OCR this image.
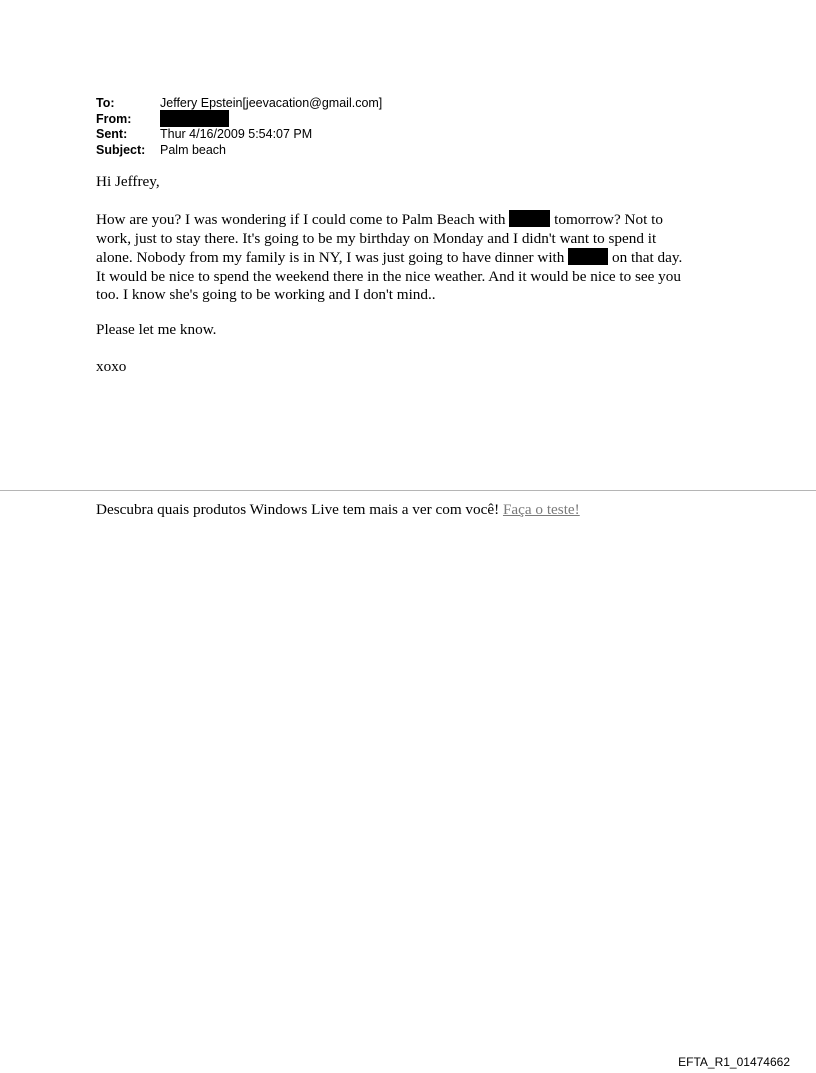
To:	Jeffery Epstein[jeevacation@gmail.com]
From:
Sent:	Thur 4/16/2009 5:54:07 PM
Subject:	Palm beach
Hi Jeffrey,
How are you? I was wondering if I could come to Palm Beach with	tomorrow? Not to
work, just to stay there. It's going to be my birthday on Monday and I didn't want to spend it
alone. Nobody from my family is in NY, I was just going to have dinner with	on that day.
It would be nice to spend the weekend there in the nice weather. And it would be nice to see you
too. I know she's going to be working and I don't mind..
Please let me know.
xoxo
Descubra quais produtos Windows Live tem mais a ver com você! Faça o teste!
EFTA_R1_01474662
